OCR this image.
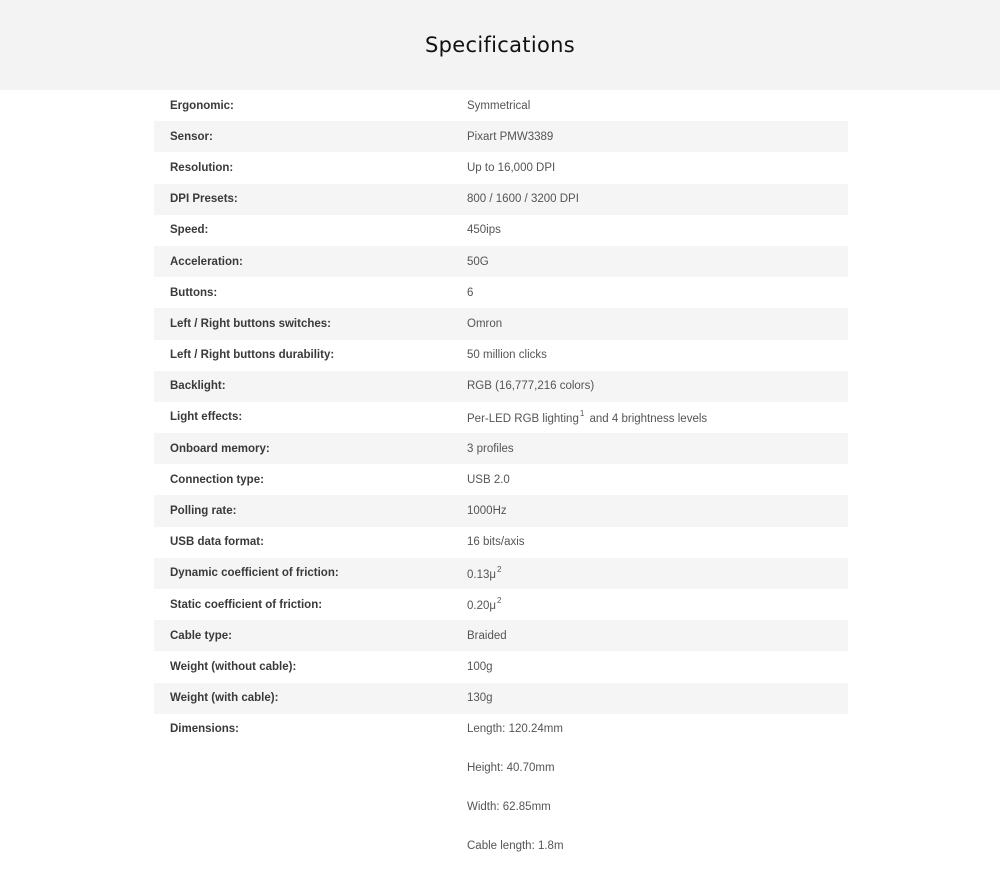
Specifications
Ergonomic:	Symmetrical
Sensor:	Pixart PMW3389
Resolution:	Up to 16,000 DPI
DPI Presets:	800 / 1600 / 3200 DPI
Speed:	450ips
Acceleration:	50G
Buttons:	6
Left / Right buttons switches:	Omron
Left / Right buttons durability:	50 million clicks
Backlight:	RGB (16,777,216 colors)
Light effects:	Per-LED RGB lighting$^1$ and 4 brightness levels
Onboard memory:	3 profiles
Connection type:	USB 2.0
Polling rate:	1000Hz
USB data format:	16 bits/axis
Dynamic coefficient of friction:	$0.13\mu^2$
Static coefficient of friction:	$0.20\mu^2$
Cable type:	Braided
Weight (without cable):	100g
Weight (with cable):	130g
Dimensions:	Length: 120.24mm
Height: 40.70mm
Width: 62.85mm
Cable length: 1.8m
